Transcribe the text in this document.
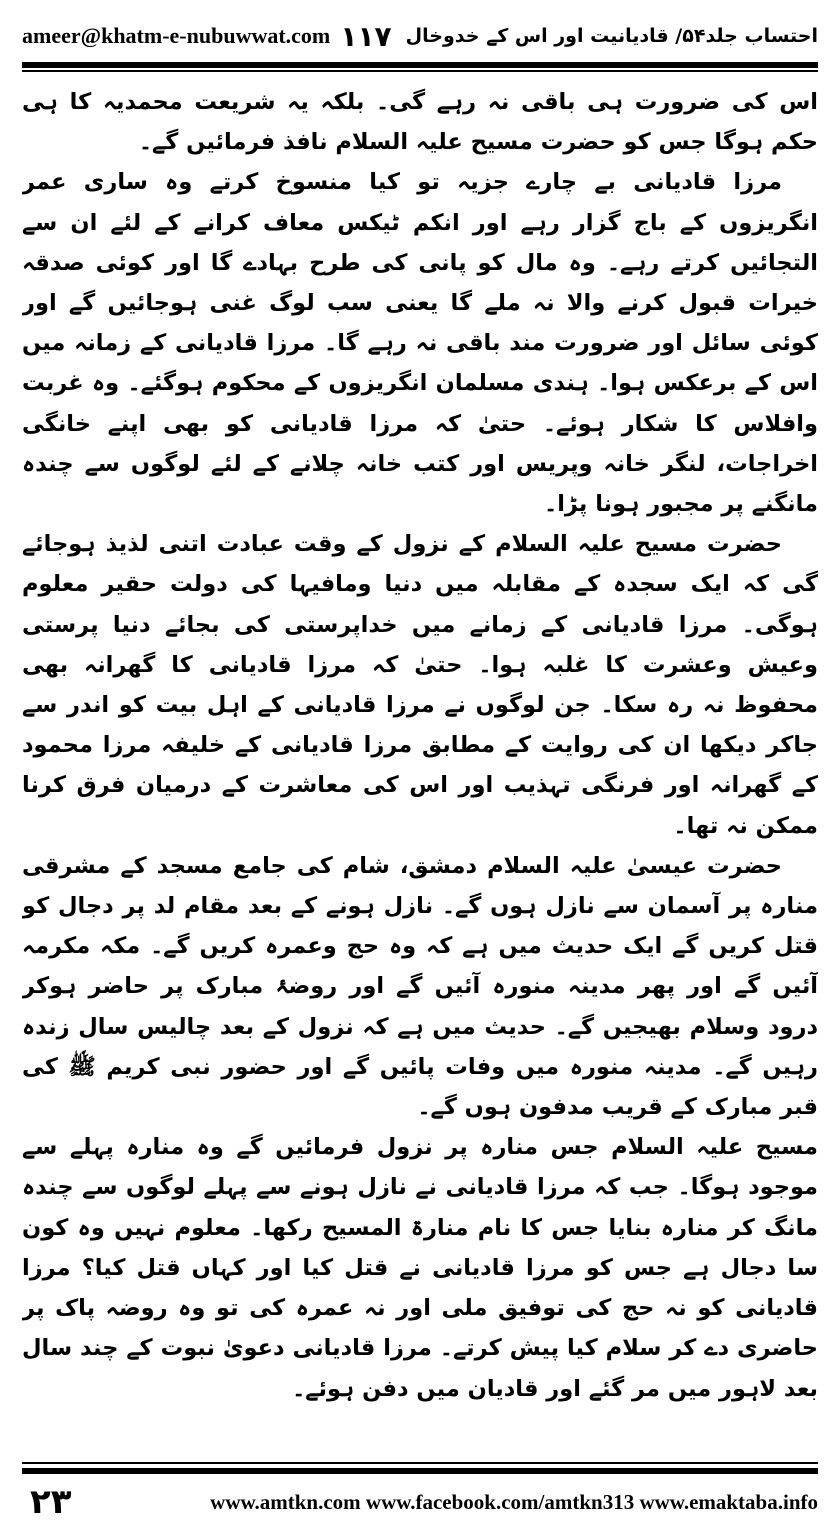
ameer@khatm-e-nubuwwat.com	احتساب جلد۵۴/ قادیانیت اور اس کے خدوخال
۱۱۷

اس کی ضرورت ہی باقی نہ رہے گی۔ بلکہ یہ شریعت محمدیہ کا ہی حکم ہوگا جس کو حضرت مسیح علیہ السلام نافذ فرمائیں گے۔

مرزا قادیانی بے چارے جزیہ تو کیا منسوخ کرتے وہ ساری عمر انگریزوں کے باج گزار رہے اور انکم ٹیکس معاف کرانے کے لئے ان سے التجائیں کرتے رہے۔ وہ مال کو پانی کی طرح بہادے گا اور کوئی صدقہ خیرات قبول کرنے والا نہ ملے گا یعنی سب لوگ غنی ہوجائیں گے اور کوئی سائل اور ضرورت مند باقی نہ رہے گا۔ مرزا قادیانی کے زمانہ میں اس کے برعکس ہوا۔ ہندی مسلمان انگریزوں کے محکوم ہوگئے۔ وہ غربت وافلاس کا شکار ہوئے۔ حتیٰ کہ مرزا قادیانی کو بھی اپنے خانگی اخراجات، لنگر خانہ وپریس اور کتب خانہ چلانے کے لئے لوگوں سے چندہ مانگنے پر مجبور ہونا پڑا۔

حضرت مسیح علیہ السلام کے نزول کے وقت عبادت اتنی لذیذ ہوجائے گی کہ ایک سجدہ کے مقابلہ میں دنیا ومافیہا کی دولت حقیر معلوم ہوگی۔ مرزا قادیانی کے زمانے میں خداپرستی کی بجائے دنیا پرستی وعیش وعشرت کا غلبہ ہوا۔ حتیٰ کہ مرزا قادیانی کا گھرانہ بھی محفوظ نہ رہ سکا۔ جن لوگوں نے مرزا قادیانی کے اہل بیت کو اندر سے جاکر دیکھا ان کی روایت کے مطابق مرزا قادیانی کے خلیفہ مرزا محمود کے گھرانہ اور فرنگی تہذیب اور اس کی معاشرت کے درمیان فرق کرنا ممکن نہ تھا۔

حضرت عیسیٰ علیہ السلام دمشق، شام کی جامع مسجد کے مشرقی منارہ پر آسمان سے نازل ہوں گے۔ نازل ہونے کے بعد مقام لد پر دجال کو قتل کریں گے ایک حدیث میں ہے کہ وہ حج وعمرہ کریں گے۔ مکہ مکرمہ آئیں گے اور پھر مدینہ منورہ آئیں گے اور روضۂ مبارک پر حاضر ہوکر درود وسلام بھیجیں گے۔ حدیث میں ہے کہ نزول کے بعد چالیس سال زندہ رہیں گے۔ مدینہ منورہ میں وفات پائیں گے اور حضور نبی کریم ﷺ کی قبر مبارک کے قریب مدفون ہوں گے۔

مسیح علیہ السلام جس منارہ پر نزول فرمائیں گے وہ منارہ پہلے سے موجود ہوگا۔ جب کہ مرزا قادیانی نے نازل ہونے سے پہلے لوگوں سے چندہ مانگ کر منارہ بنایا جس کا نام منارۃ المسیح رکھا۔ معلوم نہیں وہ کون سا دجال ہے جس کو مرزا قادیانی نے قتل کیا اور کہاں قتل کیا؟ مرزا قادیانی کو نہ حج کی توفیق ملی اور نہ عمرہ کی تو وہ روضہ پاک پر حاضری دے کر سلام کیا پیش کرتے۔ مرزا قادیانی دعویٰ نبوت کے چند سال بعد لاہور میں مر گئے اور قادیان میں دفن ہوئے۔

۲۳	www.amtkn.com www.facebook.com/amtkn313 www.emaktaba.info
